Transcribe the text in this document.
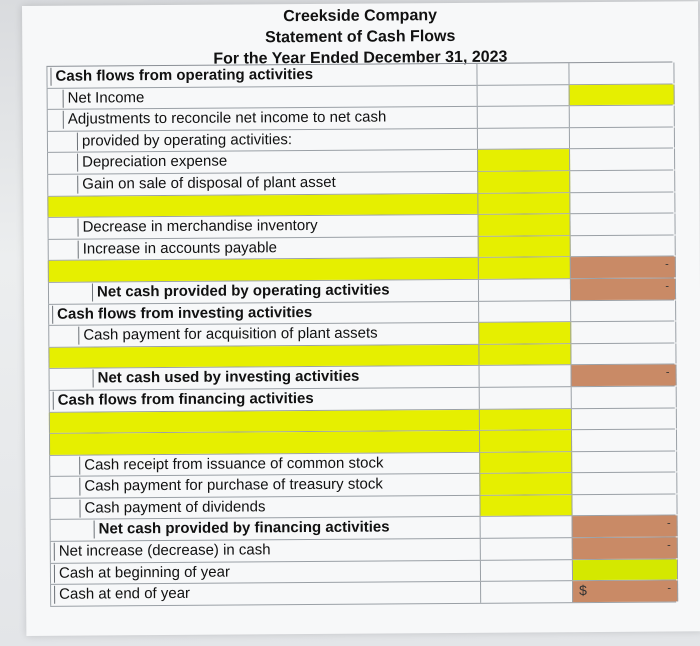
Creekside Company
Statement of Cash Flows
For the Year Ended December 31, 2023
Cash flows from operating activities
Net Income
Adjustments to reconcile net income to net cash
provided by operating activities:
Depreciation expense
Gain on sale of disposal of plant asset
Decrease in merchandise inventory
Increase in accounts payable
-
-
Net cash provided by operating activities
Cash flows from investing activities
Cash payment for acquisition of plant assets
-
Net cash used by investing activities
Cash flows from financing activities
Cash receipt from issuance of common stock
Cash payment for purchase of treasury stock
Cash payment of dividends
-
Net cash provided by financing activities
-
Net increase (decrease) in cash
Cash at beginning of year
$	-
Cash at end of year
